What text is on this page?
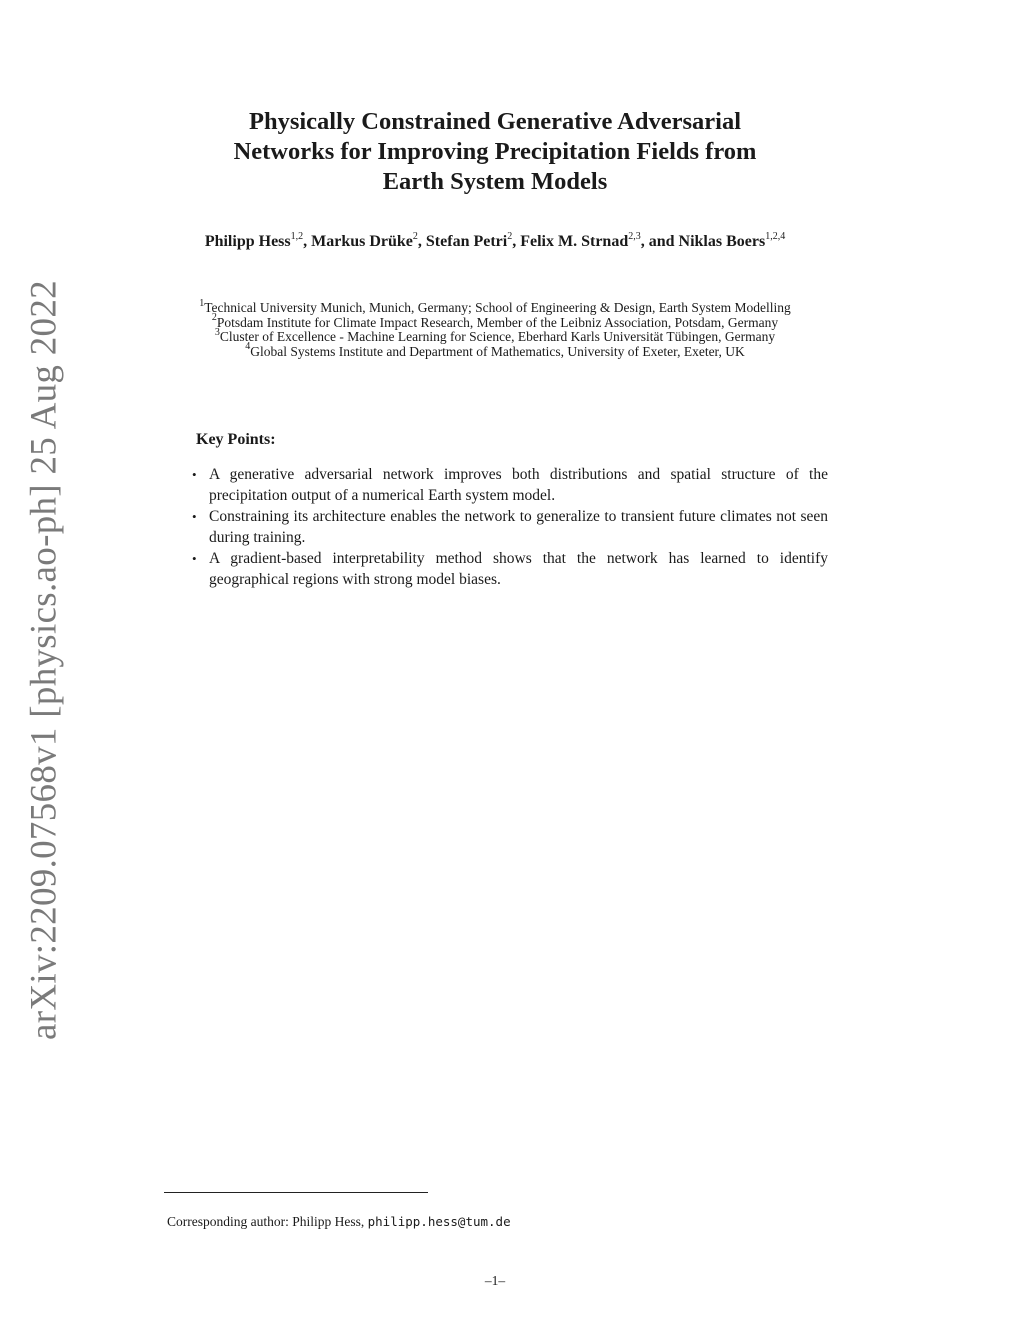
arXiv:2209.07568v1 [physics.ao-ph] 25 Aug 2022
Physically Constrained Generative Adversarial
Networks for Improving Precipitation Fields from
Earth System Models
Philipp Hess$^{1,2}$, Markus Drüke$^2$, Stefan Petri$^2$, Felix M. Strnad$^{2,3}$, and Niklas Boers$^{1,2,4}$
$^1$Technical University Munich, Munich, Germany; School of Engineering & Design, Earth System Modelling
$^2$Potsdam Institute for Climate Impact Research, Member of the Leibniz Association, Potsdam, Germany
$^3$Cluster of Excellence - Machine Learning for Science, Eberhard Karls Universität Tübingen, Germany
$^4$Global Systems Institute and Department of Mathematics, University of Exeter, Exeter, UK
Key Points:
• A generative adversarial network improves both distributions and spatial structure of the precipitation output of a numerical Earth system model.
• Constraining its architecture enables the network to generalize to transient future climates not seen during training.
• A gradient-based interpretability method shows that the network has learned to identify geographical regions with strong model biases.
Corresponding author: Philipp Hess, philipp.hess@tum.de
–1–
